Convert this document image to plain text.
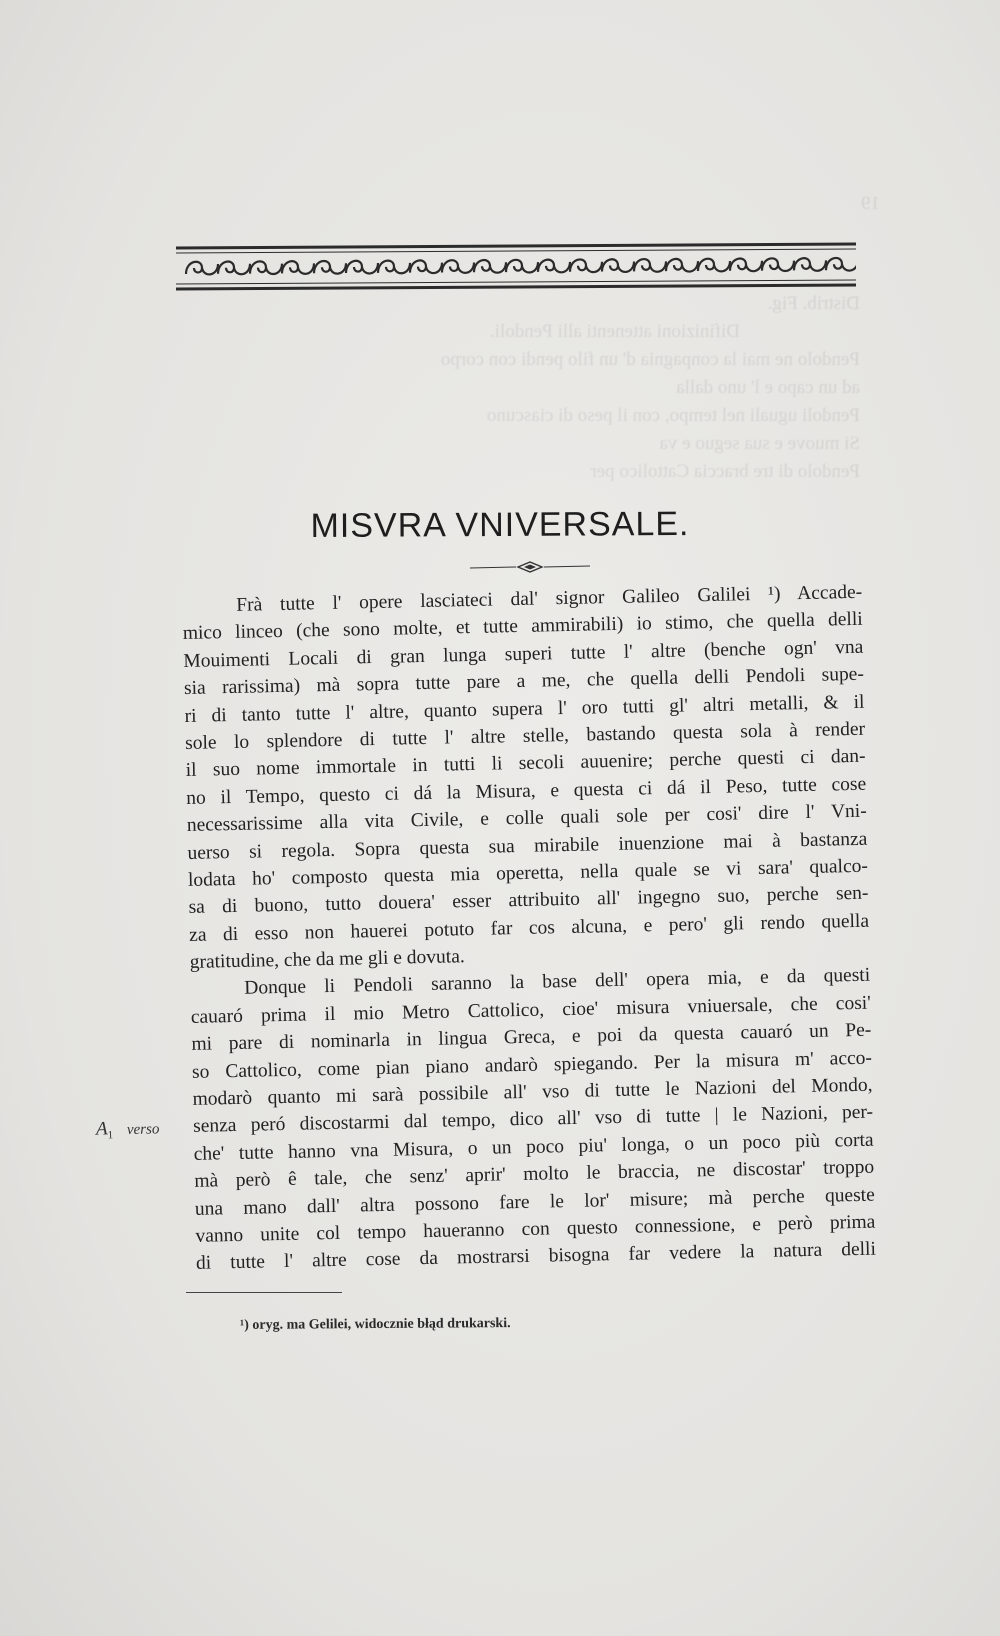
Distrib. Fig.
Difinizioni attenenti alli Pendoli.
Pendolo ne mai la conpagnia d' un filo pendi con corpo
ad un capo e l' uno dalla
Pendoli uguali nel tempo, con il peso di ciascuno
Si muove e sua seguo e va
Pendolo di tre braccia Cattolico per
19
MISVRA VNIVERSALE.
Frà tutte l' opere lasciateci dal' signor Galileo Galilei ¹) Accade-
mico linceo (che sono molte, et tutte ammirabili) io stimo, che quella delli
Mouimenti Locali di gran lunga superi tutte l' altre (benche ogn' vna
sia rarissima) mà sopra tutte pare a me, che quella delli Pendoli supe-
ri di tanto tutte l' altre, quanto supera l' oro tutti gl' altri metalli, & il
sole lo splendore di tutte l' altre stelle, bastando questa sola à render
il suo nome immortale in tutti li secoli auuenire; perche questi ci dan-
no il Tempo, questo ci dá la Misura, e questa ci dá il Peso, tutte cose
necessarissime alla vita Civile, e colle quali sole per cosi' dire l' Vni-
uerso si regola. Sopra questa sua mirabile inuenzione mai à bastanza
lodata ho' composto questa mia operetta, nella quale se vi sara' qualco-
sa di buono, tutto douera' esser attribuito all' ingegno suo, perche sen-
za di esso non hauerei potuto far cos alcuna, e pero' gli rendo quella
gratitudine, che da me gli e dovuta.
Donque li Pendoli saranno la base dell' opera mia, e da questi
cauaró prima il mio Metro Cattolico, cioe' misura vniuersale, che cosi'
mi pare di nominarla in lingua Greca, e poi da questa cauaró un Pe-
so Cattolico, come pian piano andarò spiegando. Per la misura m' acco-
modarò quanto mi sarà possibile all' vso di tutte le Nazioni del Mondo,
senza peró discostarmi dal tempo, dico all' vso di tutte | le Nazioni, per-
che' tutte hanno vna Misura, o un poco piu' longa, o un poco più corta
mà però ê tale, che senz' aprir' molto le braccia, ne discostar' troppo
una mano dall' altra possono fare le lor' misure; mà perche queste
vanno unite col tempo haueranno con questo connessione, e però prima
di tutte l' altre cose da mostrarsi bisogna far vedere la natura delli
$A_1$ verso
¹) oryg. ma Gelilei, widocznie błąd drukarski.
